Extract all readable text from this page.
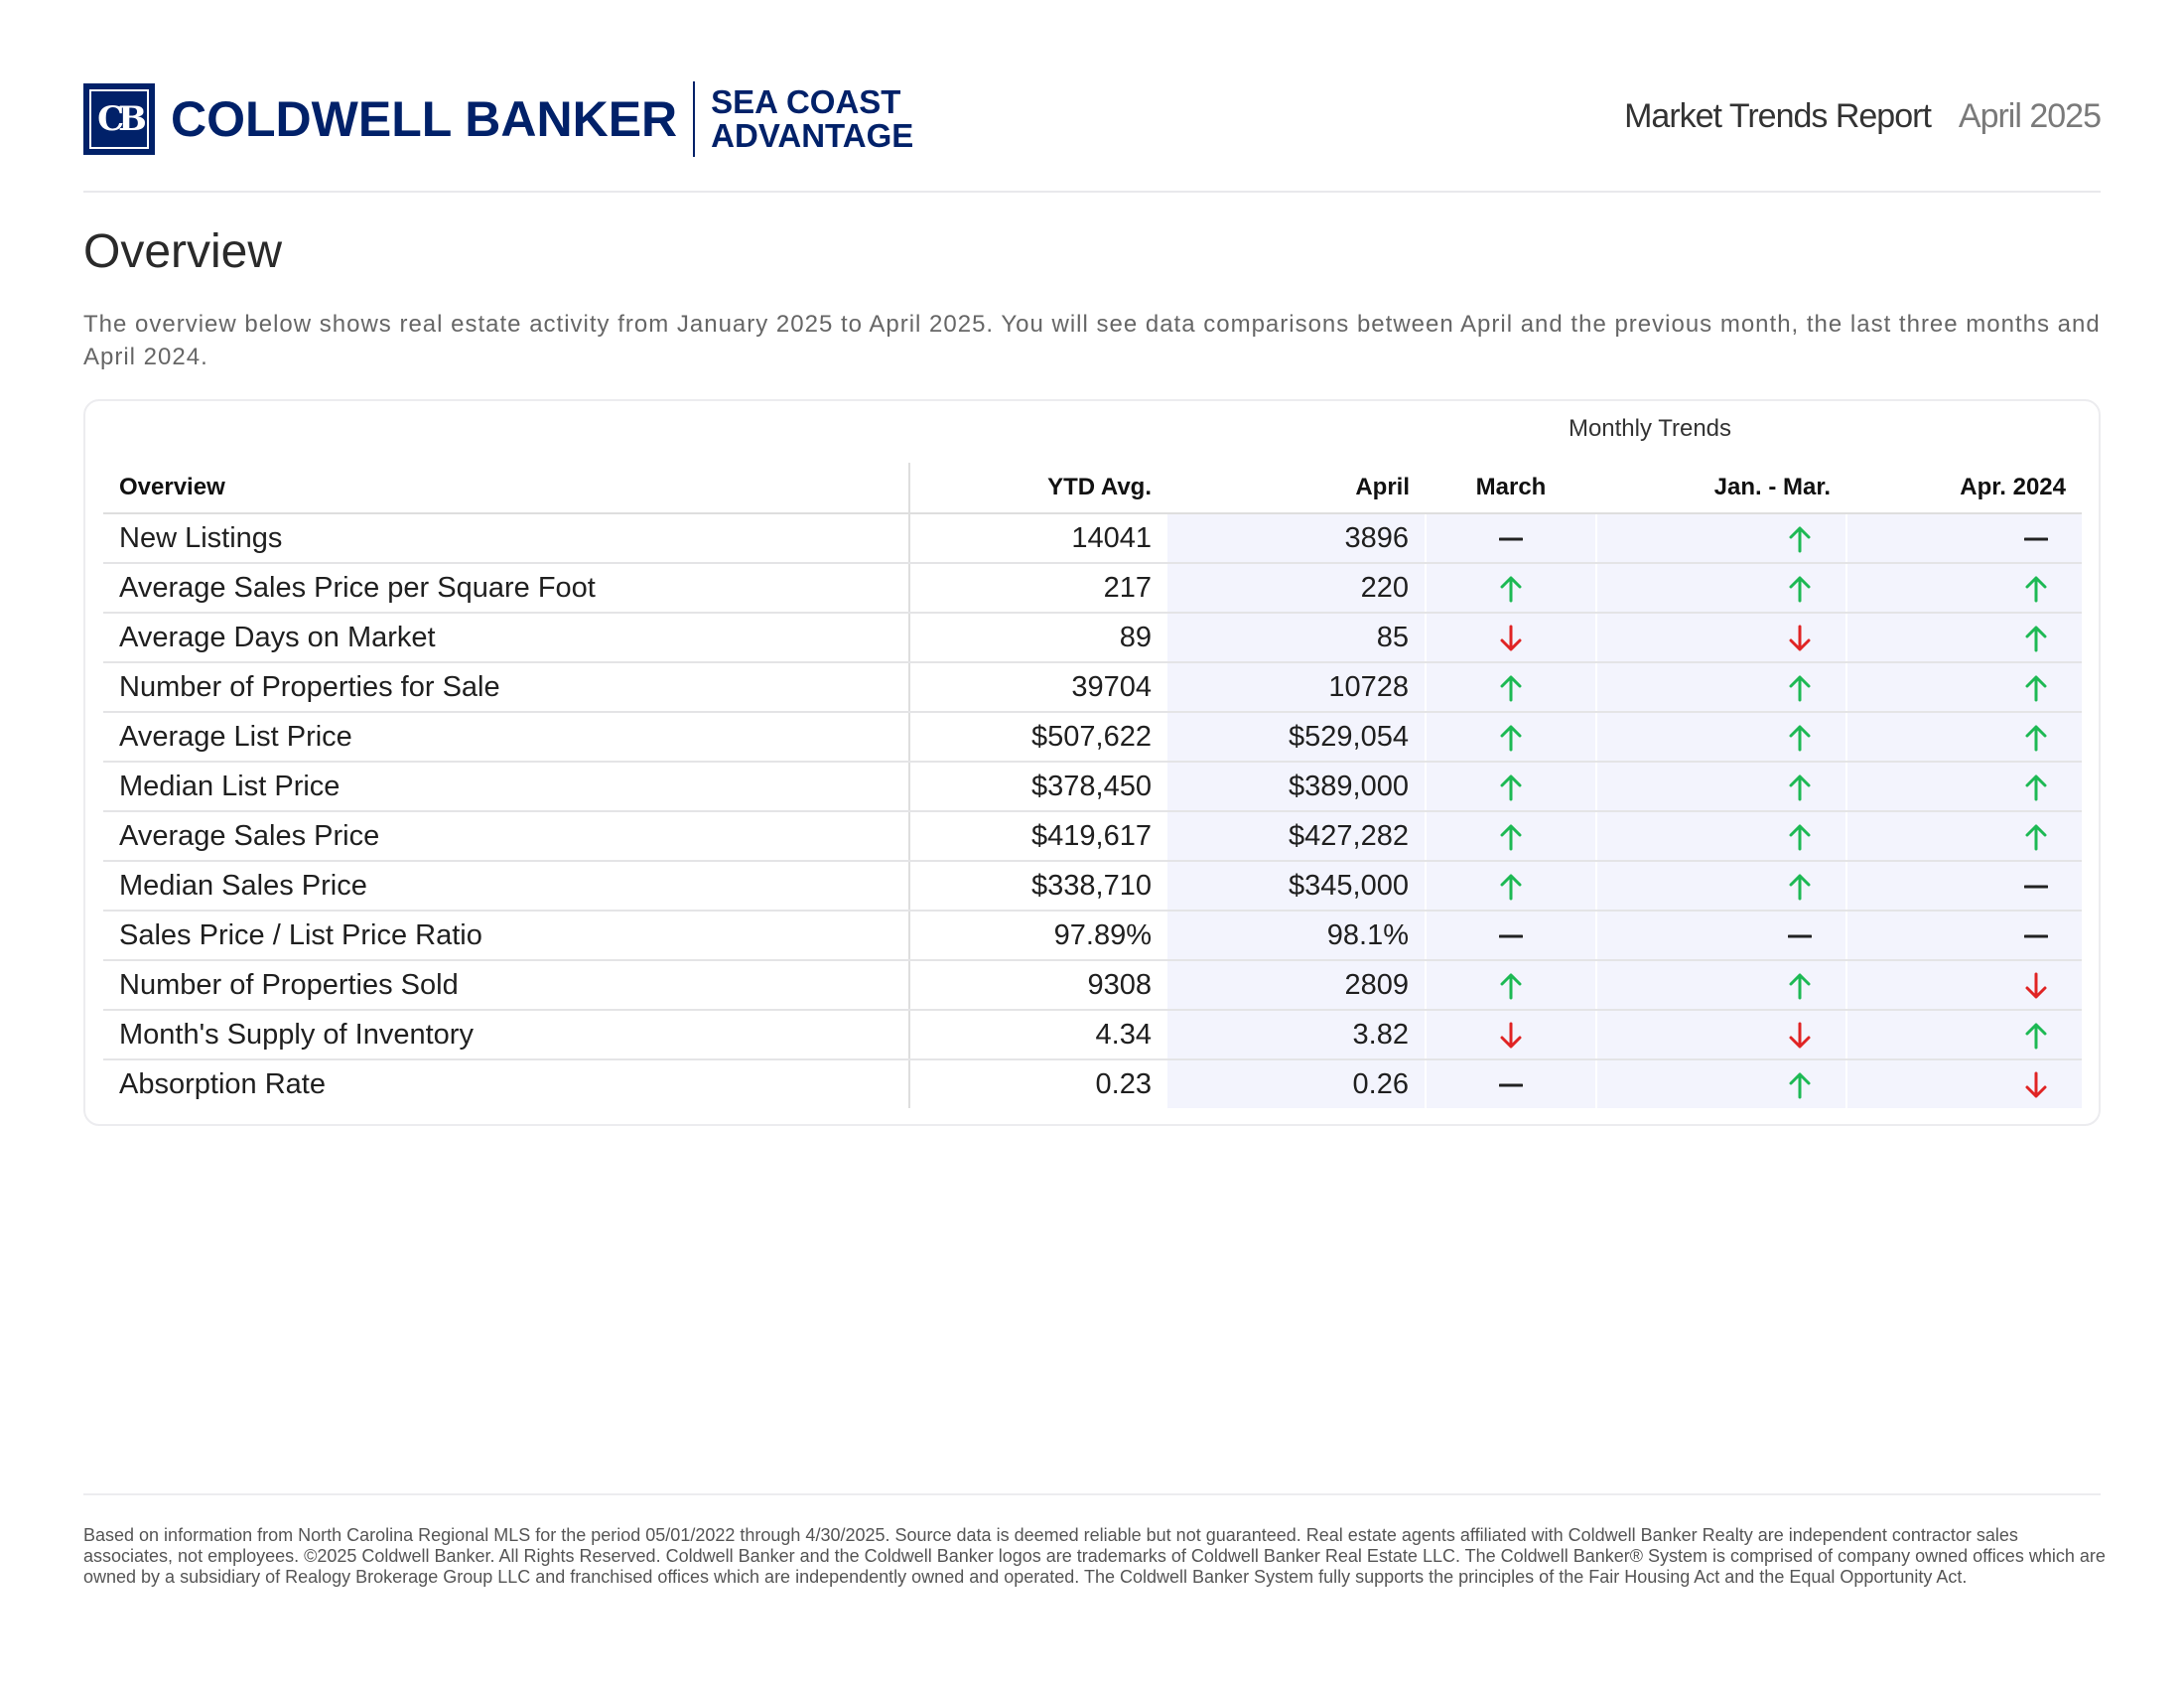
CB COLDWELL BANKER SEA COAST
ADVANTAGE
Market Trends Report April 2025
Overview

The overview below shows real estate activity from January 2025 to April 2025. You will see data comparisons between April and the previous month, the last three months and April 2024.

Monthly Trends
Overview	YTD Avg.	April	March	Jan. - Mar.	Apr. 2024
New Listings	14041	3896	

Average Sales Price per Square Foot	217	220	

Average Days on Market	89	85	

Number of Properties for Sale	39704	10728	

Average List Price	$507,622	$529,054	

Median List Price	$378,450	$389,000	

Average Sales Price	$419,617	$427,282	

Median Sales Price	$338,710	$345,000	

Sales Price / List Price Ratio	97.89%	98.1%	

Number of Properties Sold	9308	2809	

Month's Supply of Inventory	4.34	3.82	

Absorption Rate	0.23	0.26	

Based on information from North Carolina Regional MLS for the period 05/01/2022 through 4/30/2025. Source data is deemed reliable but not guaranteed. Real estate agents affiliated with Coldwell Banker Realty are independent contractor sales associates, not employees. ©2025 Coldwell Banker. All Rights Reserved. Coldwell Banker and the Coldwell Banker logos are trademarks of Coldwell Banker Real Estate LLC. The Coldwell Banker® System is comprised of company owned offices which are owned by a subsidiary of Realogy Brokerage Group LLC and franchised offices which are independently owned and operated. The Coldwell Banker System fully supports the principles of the Fair Housing Act and the Equal Opportunity Act.
